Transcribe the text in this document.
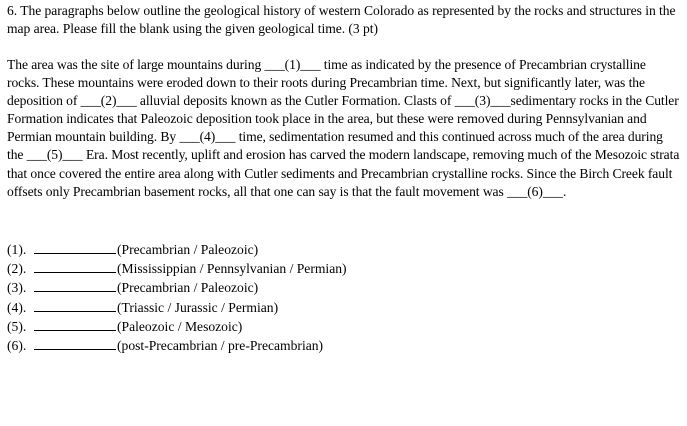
6. The paragraphs below outline the geological history of western Colorado as represented by the rocks and structures in the map area. Please fill the blank using the given geological time. (3 pt)

The area was the site of large mountains during ___(1)___ time as indicated by the presence of Precambrian crystalline rocks. These mountains were eroded down to their roots during Precambrian time. Next, but significantly later, was the deposition of ___(2)___ alluvial deposits known as the Cutler Formation. Clasts of ___(3)___sedimentary rocks in the Cutler Formation indicates that Paleozoic deposition took place in the area, but these were removed during Pennsylvanian and Permian mountain building. By ___(4)___ time, sedimentation resumed and this continued across much of the area during the ___(5)___ Era. Most recently, uplift and erosion has carved the modern landscape, removing much of the Mesozoic strata that once covered the entire area along with Cutler sediments and Precambrian crystalline rocks. Since the Birch Creek fault offsets only Precambrian basement rocks, all that one can say is that the fault movement was ___(6)___.
(1).	(Precambrian / Paleozoic)
(2).	(Mississippian / Pennsylvanian / Permian)
(3).	(Precambrian / Paleozoic)
(4).	(Triassic / Jurassic / Permian)
(5).	(Paleozoic / Mesozoic)
(6).	(post-Precambrian / pre-Precambrian)
